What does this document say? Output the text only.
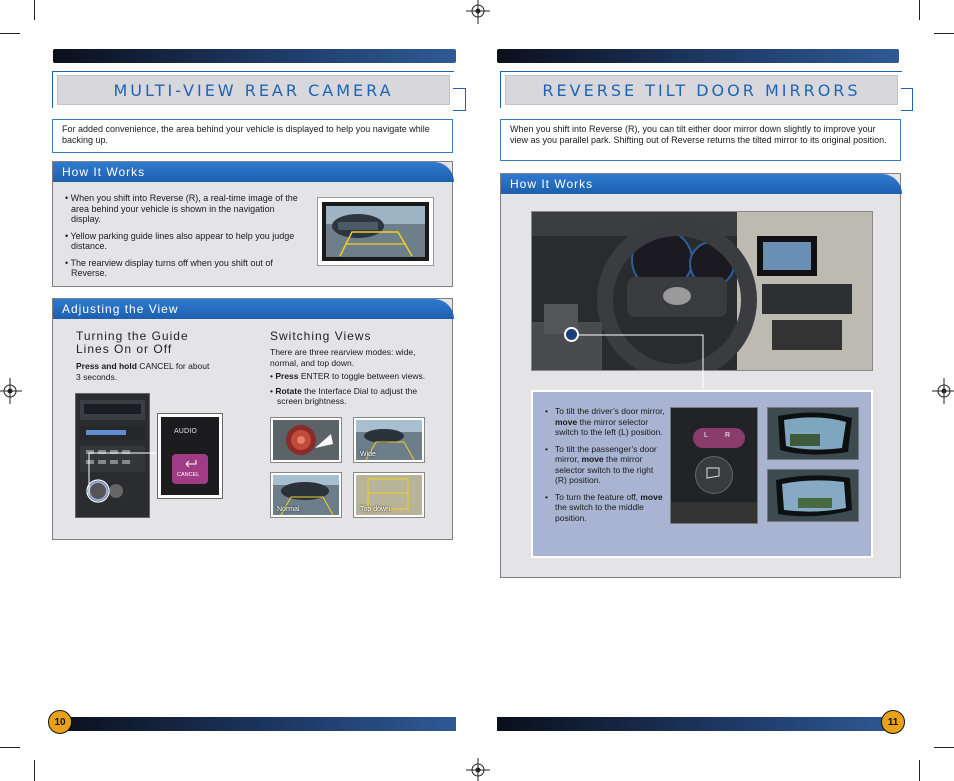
MULTI-VIEW REAR CAMERA
For added convenience, the area behind your vehicle is displayed to help you navigate while backing up.
How It Works

• When you shift into Reverse (R), a real-time image of the area behind your vehicle is shown in the navigation display.

• Yellow parking guide lines also appear to help you judge distance.

• The rearview display turns off when you shift out of Reverse.

Adjusting the View
Turning the Guide Lines On or Off
Press and hold CANCEL for about 3 seconds.
Switching Views
There are three rearview modes: wide, normal, and top down.
• Press ENTER to toggle between views.
• Rotate the Interface Dial to adjust the screen brightness.
AUDIO
CANCEL
Wide
Normal	Top down
10
REVERSE TILT DOOR MIRRORS
When you shift into Reverse (R), you can tilt either door mirror down slightly to improve your view as you parallel park. Shifting out of Reverse returns the tilted mirror to its original position.
How It Works
• To tilt the driver’s door mirror, move the mirror selector switch to the left (L) position.
• To tilt the passenger’s door mirror, move the mirror selector switch to the right (R) position.
• To turn the feature off, move the switch to the middle position.
L R
11
